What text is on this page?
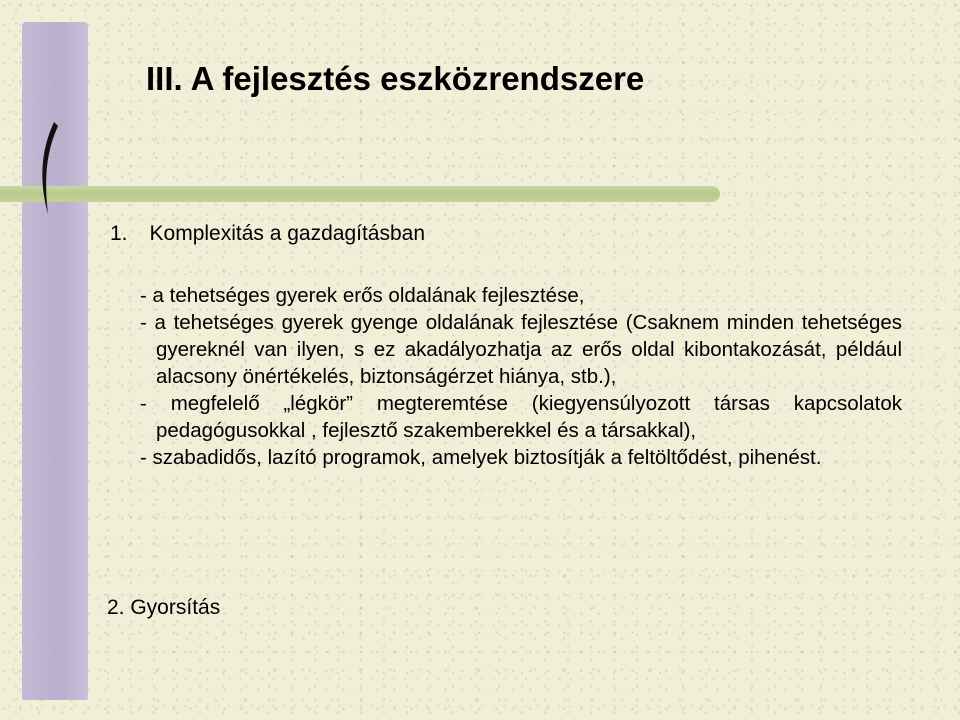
III. A fejlesztés eszközrendszere
1. Komplexitás a gazdagításban
- a tehetséges gyerek erős oldalának fejlesztése,
- a tehetséges gyerek gyenge oldalának fejlesztése (Csaknem minden tehetséges gyereknél van ilyen, s ez akadályozhatja az erős oldal kibontakozását, például alacsony önértékelés, biztonságérzet hiánya, stb.),
- megfelelő „légkör” megteremtése (kiegyensúlyozott társas kapcsolatok pedagógusokkal , fejlesztő szakemberekkel és a társakkal),
- szabadidős, lazító programok, amelyek biztosítják a feltöltődést, pihenést.
2. Gyorsítás
